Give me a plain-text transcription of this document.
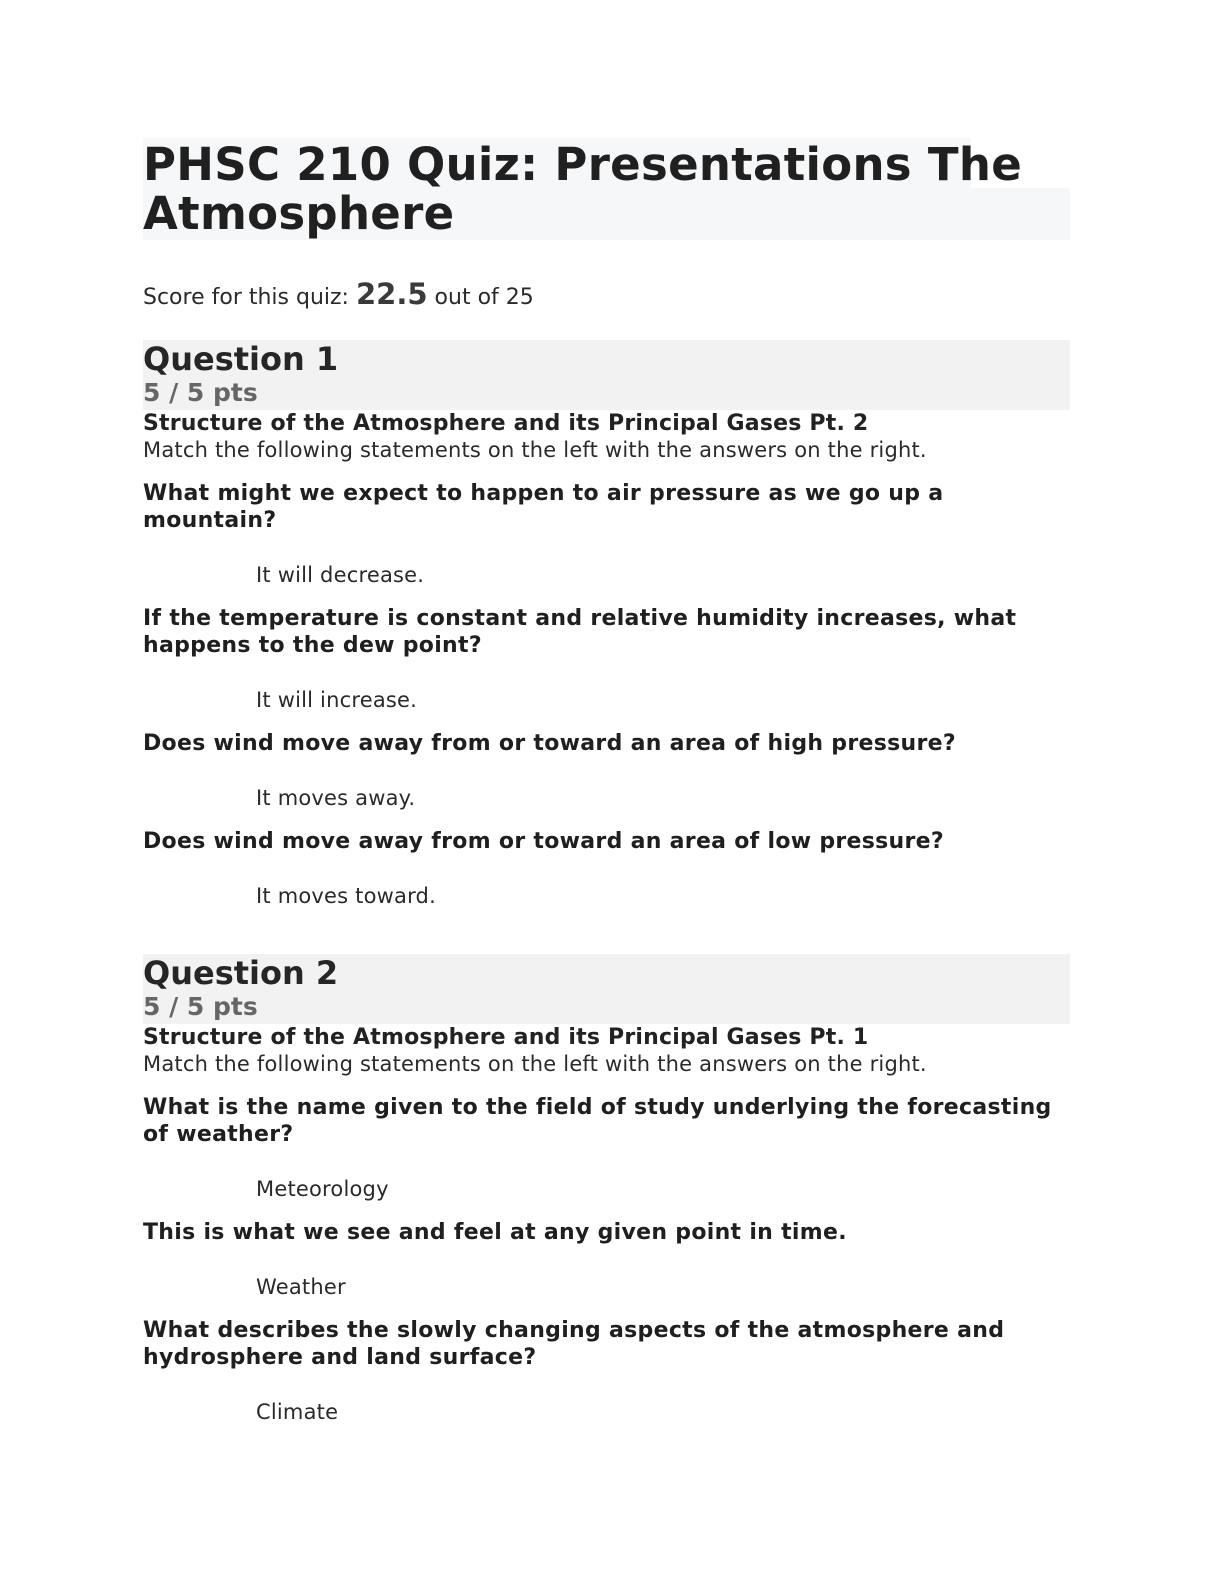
PHSC 210 Quiz: Presentations The Atmosphere
Score for this quiz: 22.5 out of 25
Question 1
5 / 5 pts
Structure of the Atmosphere and its Principal Gases Pt. 2
Match the following statements on the left with the answers on the right.
What might we expect to happen to air pressure as we go up a mountain?
It will decrease.
If the temperature is constant and relative humidity increases, what happens to the dew point?
It will increase.
Does wind move away from or toward an area of high pressure?
It moves away.
Does wind move away from or toward an area of low pressure?
It moves toward.
Question 2
5 / 5 pts
Structure of the Atmosphere and its Principal Gases Pt. 1
Match the following statements on the left with the answers on the right.
What is the name given to the field of study underlying the forecasting of weather?
Meteorology
This is what we see and feel at any given point in time.
Weather
What describes the slowly changing aspects of the atmosphere and hydrosphere and land surface?
Climate
